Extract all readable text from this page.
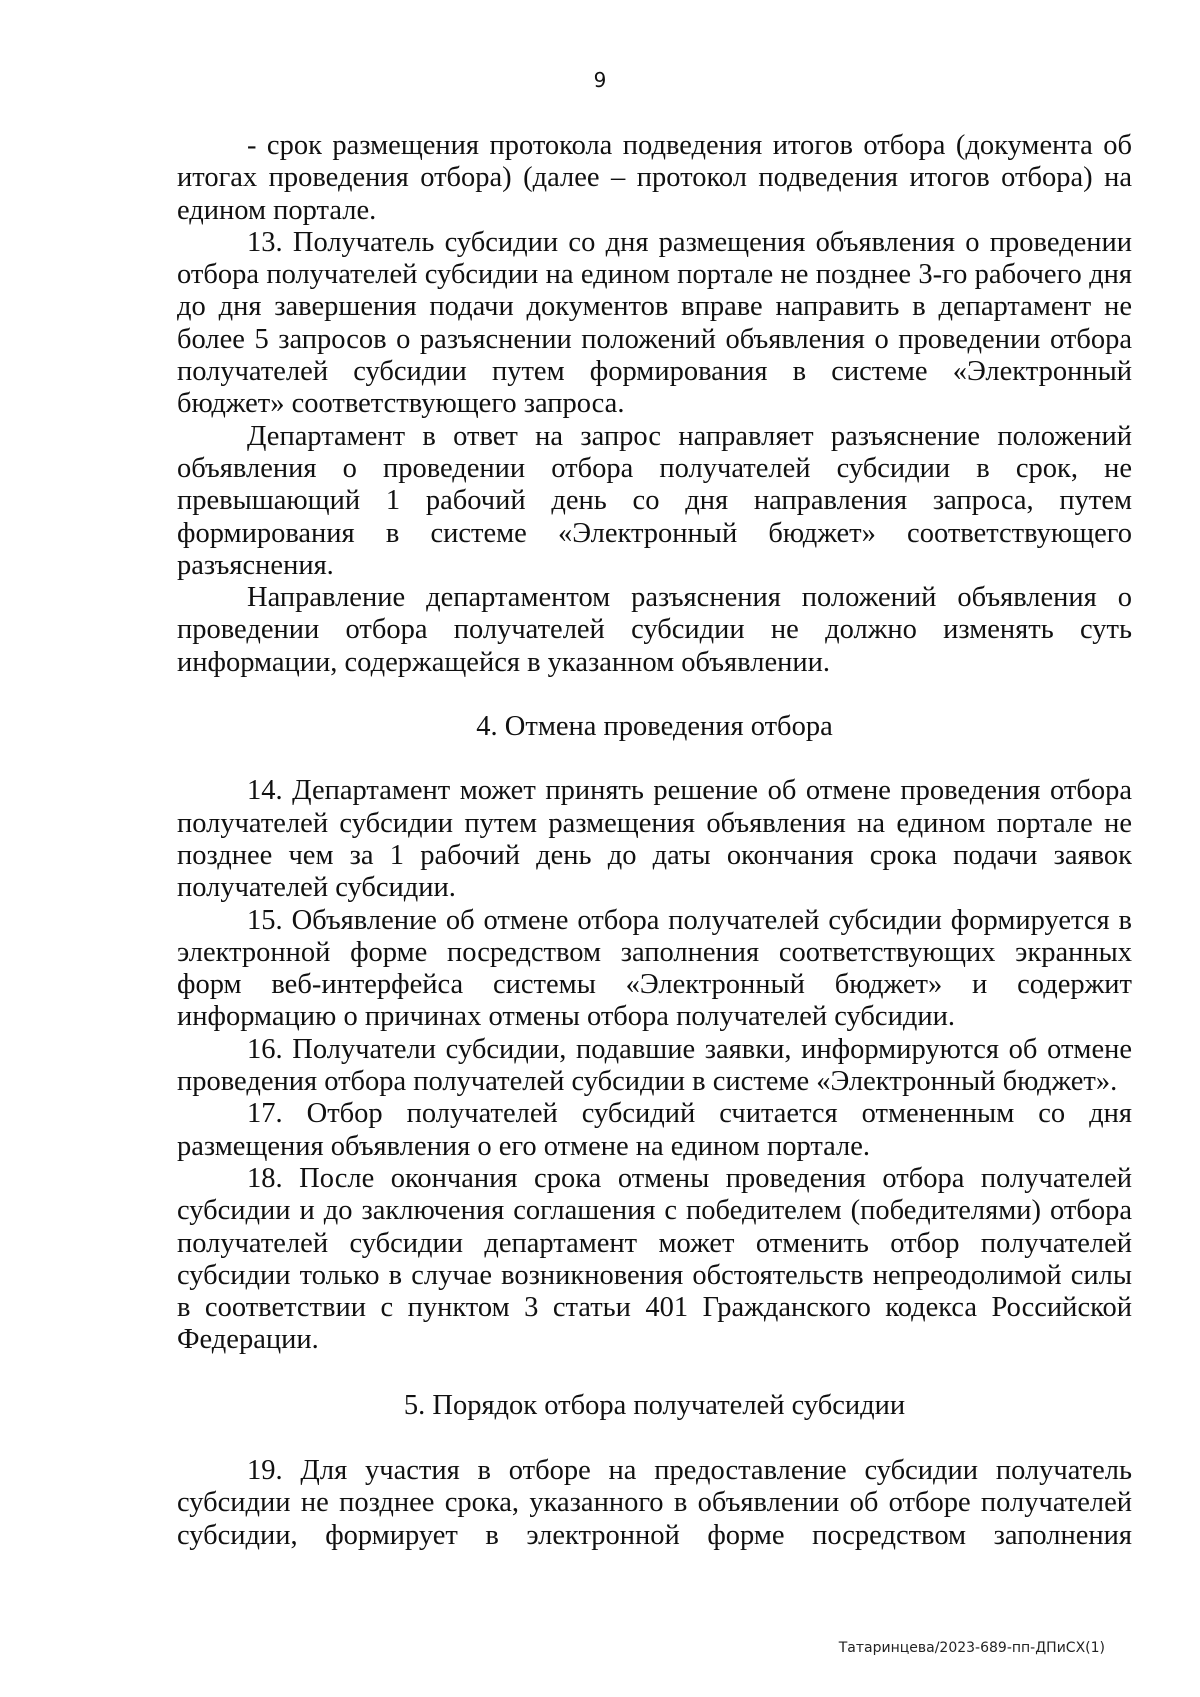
9

- срок размещения протокола подведения итогов отбора (документа об итогах проведения отбора) (далее – протокол подведения итогов отбора) на едином портале.

13. Получатель субсидии со дня размещения объявления о проведении отбора получателей субсидии на едином портале не позднее 3-го рабочего дня до дня завершения подачи документов вправе направить в департамент не более 5 запросов о разъяснении положений объявления о проведении отбора получателей субсидии путем формирования в системе «Электронный бюджет» соответствующего запроса.

Департамент в ответ на запрос направляет разъяснение положений объявления о проведении отбора получателей субсидии в срок, не превышающий 1 рабочий день со дня направления запроса, путем формирования в системе «Электронный бюджет» соответствующего разъяснения.

Направление департаментом разъяснения положений объявления о проведении отбора получателей субсидии не должно изменять суть информации, содержащейся в указанном объявлении.

4. Отмена проведения отбора

14. Департамент может принять решение об отмене проведения отбора получателей субсидии путем размещения объявления на едином портале не позднее чем за 1 рабочий день до даты окончания срока подачи заявок получателей субсидии.

15. Объявление об отмене отбора получателей субсидии формируется в электронной форме посредством заполнения соответствующих экранных форм веб-интерфейса системы «Электронный бюджет» и содержит информацию о причинах отмены отбора получателей субсидии.

16. Получатели субсидии, подавшие заявки, информируются об отмене проведения отбора получателей субсидии в системе «Электронный бюджет».

17. Отбор получателей субсидий считается отмененным со дня размещения объявления о его отмене на едином портале.

18. После окончания срока отмены проведения отбора получателей субсидии и до заключения соглашения с победителем (победителями) отбора получателей субсидии департамент может отменить отбор получателей субсидии только в случае возникновения обстоятельств непреодолимой силы в соответствии с пунктом 3 статьи 401 Гражданского кодекса Российской Федерации.

5. Порядок отбора получателей субсидии

19. Для участия в отборе на предоставление субсидии получатель субсидии не позднее срока, указанного в объявлении об отборе получателей субсидии, формирует в электронной форме посредством заполнения

Татаринцева/2023-689-пп-ДПиСХ(1)
